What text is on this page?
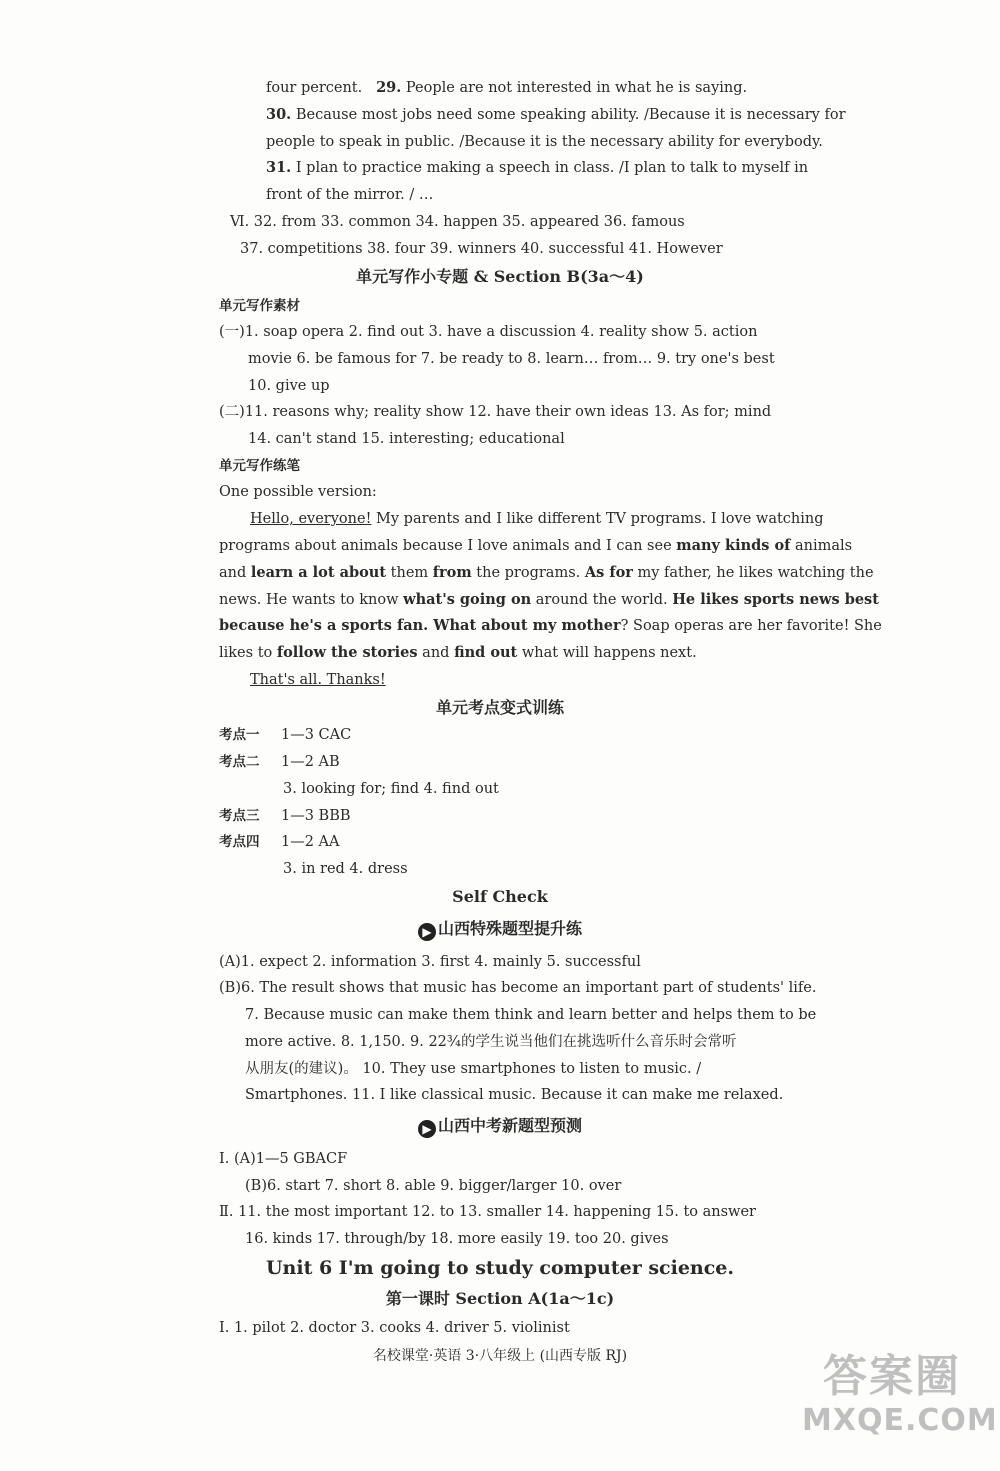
four percent. 29. People are not interested in what he is saying.
30. Because most jobs need some speaking ability. /Because it is necessary for
people to speak in public. /Because it is the necessary ability for everybody.
31. I plan to practice making a speech in class. /I plan to talk to myself in
front of the mirror. / …
Ⅵ. 32. from 33. common 34. happen 35. appeared 36. famous
37. competitions 38. four 39. winners 40. successful 41. However
单元写作小专题 & Section B(3a～4)
单元写作素材
(一)1. soap opera 2. find out 3. have a discussion 4. reality show 5. action
movie 6. be famous for 7. be ready to 8. learn… from… 9. try one's best
10. give up
(二)11. reasons why; reality show 12. have their own ideas 13. As for; mind
14. can't stand 15. interesting; educational
单元写作练笔
One possible version:
Hello, everyone! My parents and I like different TV programs. I love watching
programs about animals because I love animals and I can see many kinds of animals
and learn a lot about them from the programs. As for my father, he likes watching the
news. He wants to know what's going on around the world. He likes sports news best
because he's a sports fan. What about my mother? Soap operas are her favorite! She
likes to follow the stories and find out what will happens next.
That's all. Thanks!
单元考点变式训练
考点一 1—3 CAC
考点二 1—2 AB
3. looking for; find 4. find out
考点三 1—3 BBB
考点四 1—2 AA
3. in red 4. dress
Self Check
▶ 山西特殊题型提升练
(A)1. expect 2. information 3. first 4. mainly 5. successful
(B)6. The result shows that music has become an important part of students' life.
7. Because music can make them think and learn better and helps them to be
more active. 8. 1,150. 9. 22¾的学生说当他们在挑选听什么音乐时会常听
从朋友(的建议)。 10. They use smartphones to listen to music. /
Smartphones. 11. I like classical music. Because it can make me relaxed.
▶ 山西中考新题型预测
Ⅰ. (A)1—5 GBACF
(B)6. start 7. short 8. able 9. bigger/larger 10. over
Ⅱ. 11. the most important 12. to 13. smaller 14. happening 15. to answer
16. kinds 17. through/by 18. more easily 19. too 20. gives
Unit 6 I'm going to study computer science.
第一课时 Section A(1a～1c)
Ⅰ. 1. pilot 2. doctor 3. cooks 4. driver 5. violinist
名校课堂·英语 3·八年级上 (山西专版 RJ)	答案圈
MXQE.COM
